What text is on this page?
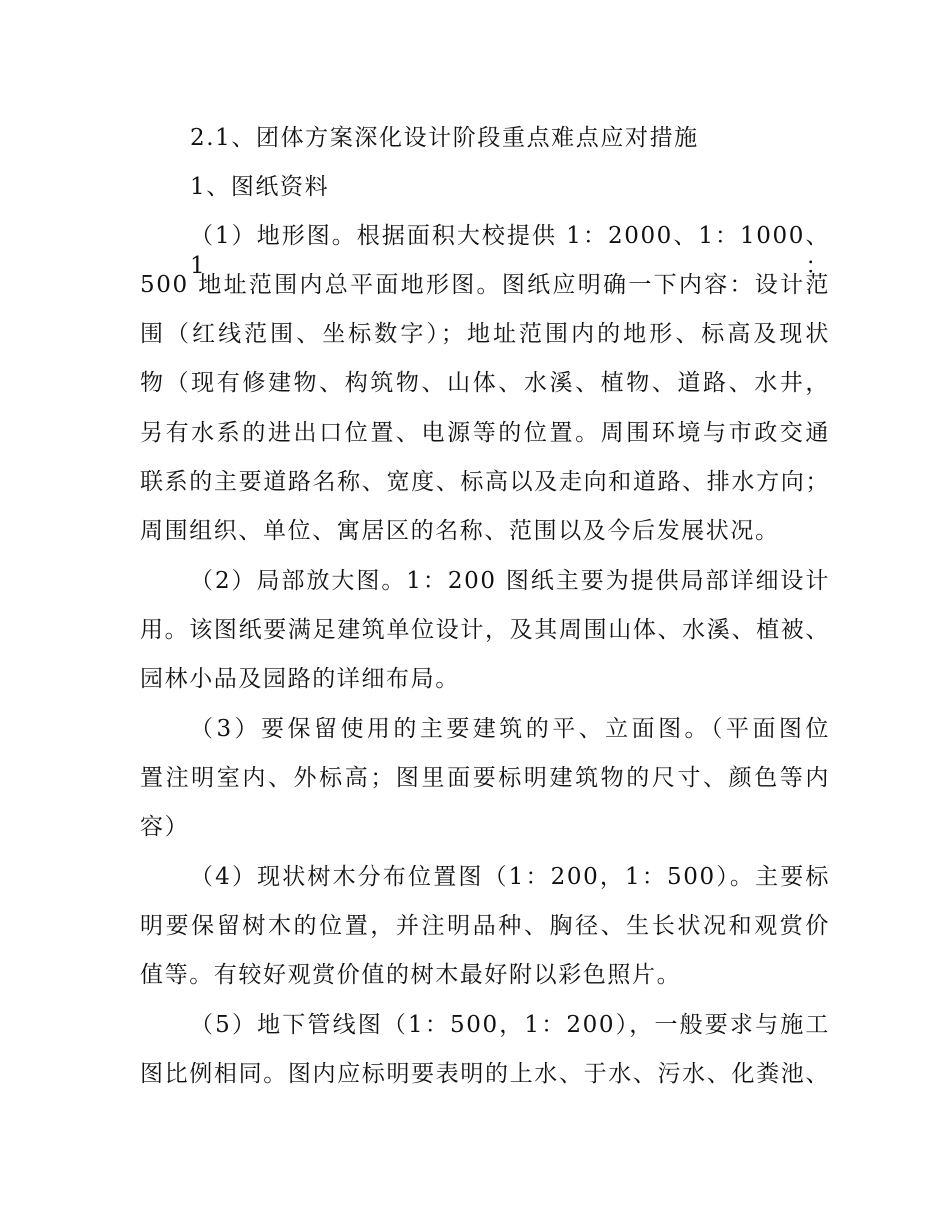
2.1、团体方案深化设计阶段重点难点应对措施
1、图纸资料
（1）地形图。根据面积大校提供 1：2000、1：1000、1：
500 地址范围内总平面地形图。图纸应明确一下内容：设计范
围（红线范围、坐标数字）；地址范围内的地形、标高及现状
物（现有修建物、构筑物、山体、水溪、植物、道路、水井，
另有水系的进出口位置、电源等的位置。周围环境与市政交通
联系的主要道路名称、宽度、标高以及走向和道路、排水方向；
周围组织、单位、寓居区的名称、范围以及今后发展状况。
（2）局部放大图。1：200 图纸主要为提供局部详细设计
用。该图纸要满足建筑单位设计，及其周围山体、水溪、植被、
园林小品及园路的详细布局。
（3）要保留使用的主要建筑的平、立面图。（平面图位
置注明室内、外标高；图里面要标明建筑物的尺寸、颜色等内
容）
（4）现状树木分布位置图（1：200，1：500）。主要标
明要保留树木的位置，并注明品种、胸径、生长状况和观赏价
值等。有较好观赏价值的树木最好附以彩色照片。
（5）地下管线图（1：500，1：200），一般要求与施工
图比例相同。图内应标明要表明的上水、于水、污水、化粪池、
